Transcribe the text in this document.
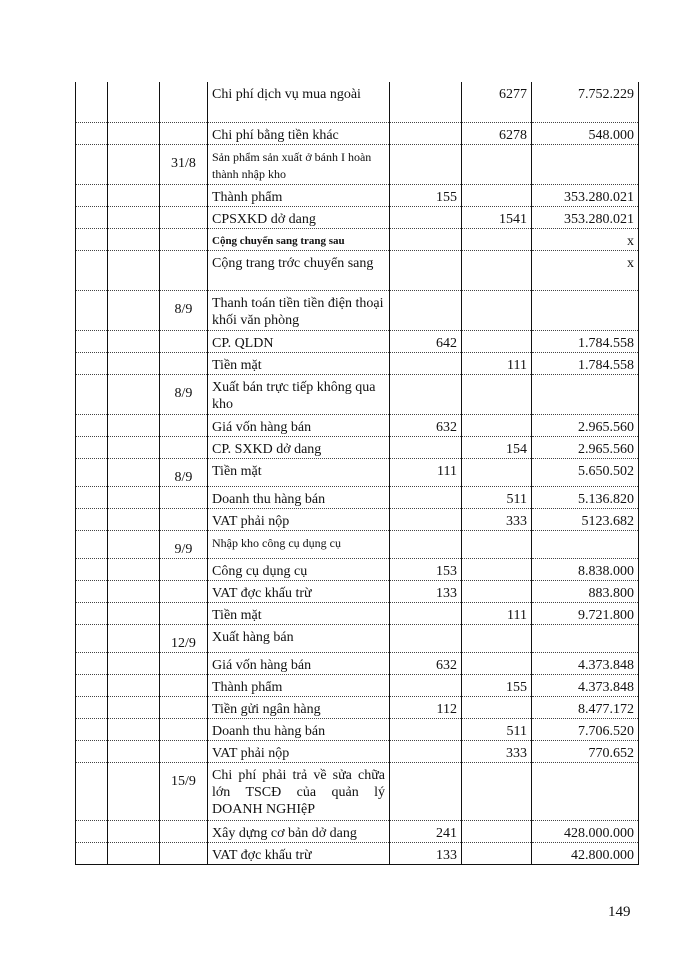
			Chi phí dịch vụ mua ngoài		6277	7.752.229
			Chi phí bằng tiền khác		6278	548.000
		31/8	Sản phẩm sản xuất ở bánh I hoàn thành nhập kho			
			Thành phẩm	155		353.280.021
			CPSXKD dở dang		1541	353.280.021
			Cộng chuyển sang trang sau			x
			Cộng trang trớc chuyển sang			x
		8/9	Thanh toán tiền tiền điện thoại khối văn phòng			
			CP. QLDN	642		1.784.558
			Tiền mặt		111	1.784.558
		8/9	Xuất bán trực tiếp không qua kho			
			Giá vốn hàng bán	632		2.965.560
			CP. SXKD dở dang		154	2.965.560
		8/9	Tiền mặt	111		5.650.502
			Doanh thu hàng bán		511	5.136.820
			VAT phải nộp		333	5123.682
		9/9	Nhập kho công cụ dụng cụ			
			Công cụ dụng cụ	153		8.838.000
			VAT đợc khấu trừ	133		883.800
			Tiền mặt		111	9.721.800
		12/9	Xuất hàng bán			
			Giá vốn hàng bán	632		4.373.848
			Thành phẩm		155	4.373.848
			Tiền gửi ngân hàng	112		8.477.172
			Doanh thu hàng bán		511	7.706.520
			VAT phải nộp		333	770.652
		15/9	Chi phí phải trả về sửa chữa lớn TSCĐ của quản lý DOANH NGHIệP			
			Xây dựng cơ bản dở dang	241		428.000.000
			VAT đợc khấu trừ	133		42.800.000
149
